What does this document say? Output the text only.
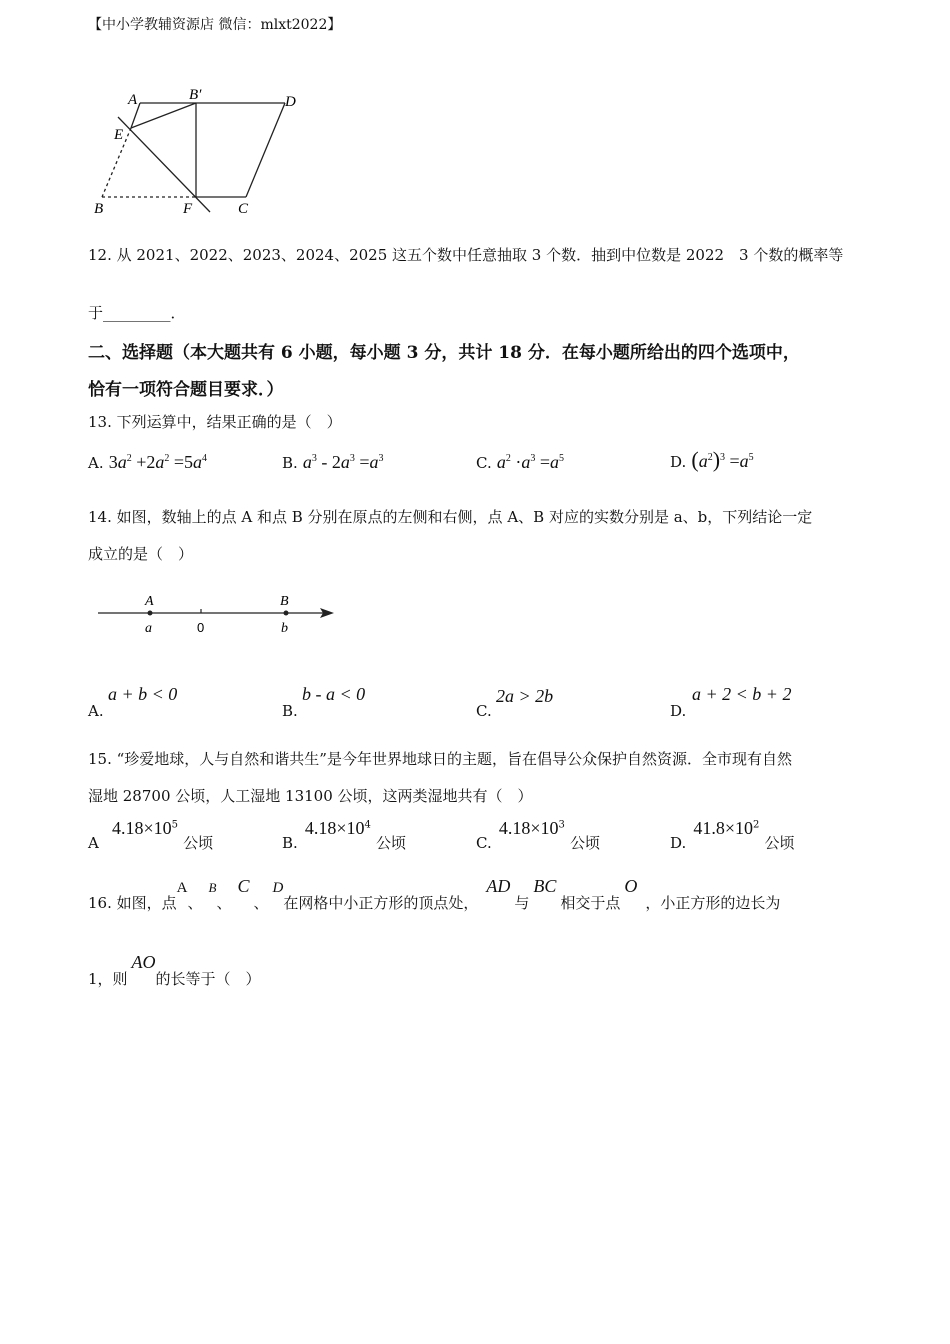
【中小学教辅资源店 微信：mlxt2022】
A	B′	D
E
B	F	C
12. 从 2021、2022、2023、2024、2025 这五个数中任意抽取 3 个数．抽到中位数是 2022　3 个数的概率等
于_________．
二、选择题（本大题共有 6 小题，每小题 3 分，共计 18 分．在每小题所给出的四个选项中，
恰有一项符合题目要求．）
13. 下列运算中，结果正确的是（　）
A. $3a^2 +2a^2 =5a^4$	B. $a^3 - 2a^3 =a^3$	C. $a^2 \cdot a^3 =a^5$	D. $(a^2)^3 =a^5$
14. 如图，数轴上的点 A 和点 B 分别在原点的左侧和右侧，点 A、B 对应的实数分别是 a、b，下列结论一定
成立的是（　）
A	B
a	0	b
A.
a + b < 0
B.
b - a < 0
C.
2a > 2b
D.
a + 2 < b + 2
15. “珍爱地球，人与自然和谐共生”是今年世界地球日的主题，旨在倡导公众保护自然资源．全市现有自然
湿地 28700 公顷，人工湿地 13100 公顷，这两类湿地共有（　）
A $4.18\times 10^5$ 公顷	B. $4.18\times 10^4$ 公顷	C. $4.18\times 10^3$ 公顷	D. $41.8\times 10^2$ 公顷
16. 如图，点A、B、C、D在网格中小正方形的顶点处，AD与BC相交于点O，小正方形的边长为
1，则AO的长等于（　）
